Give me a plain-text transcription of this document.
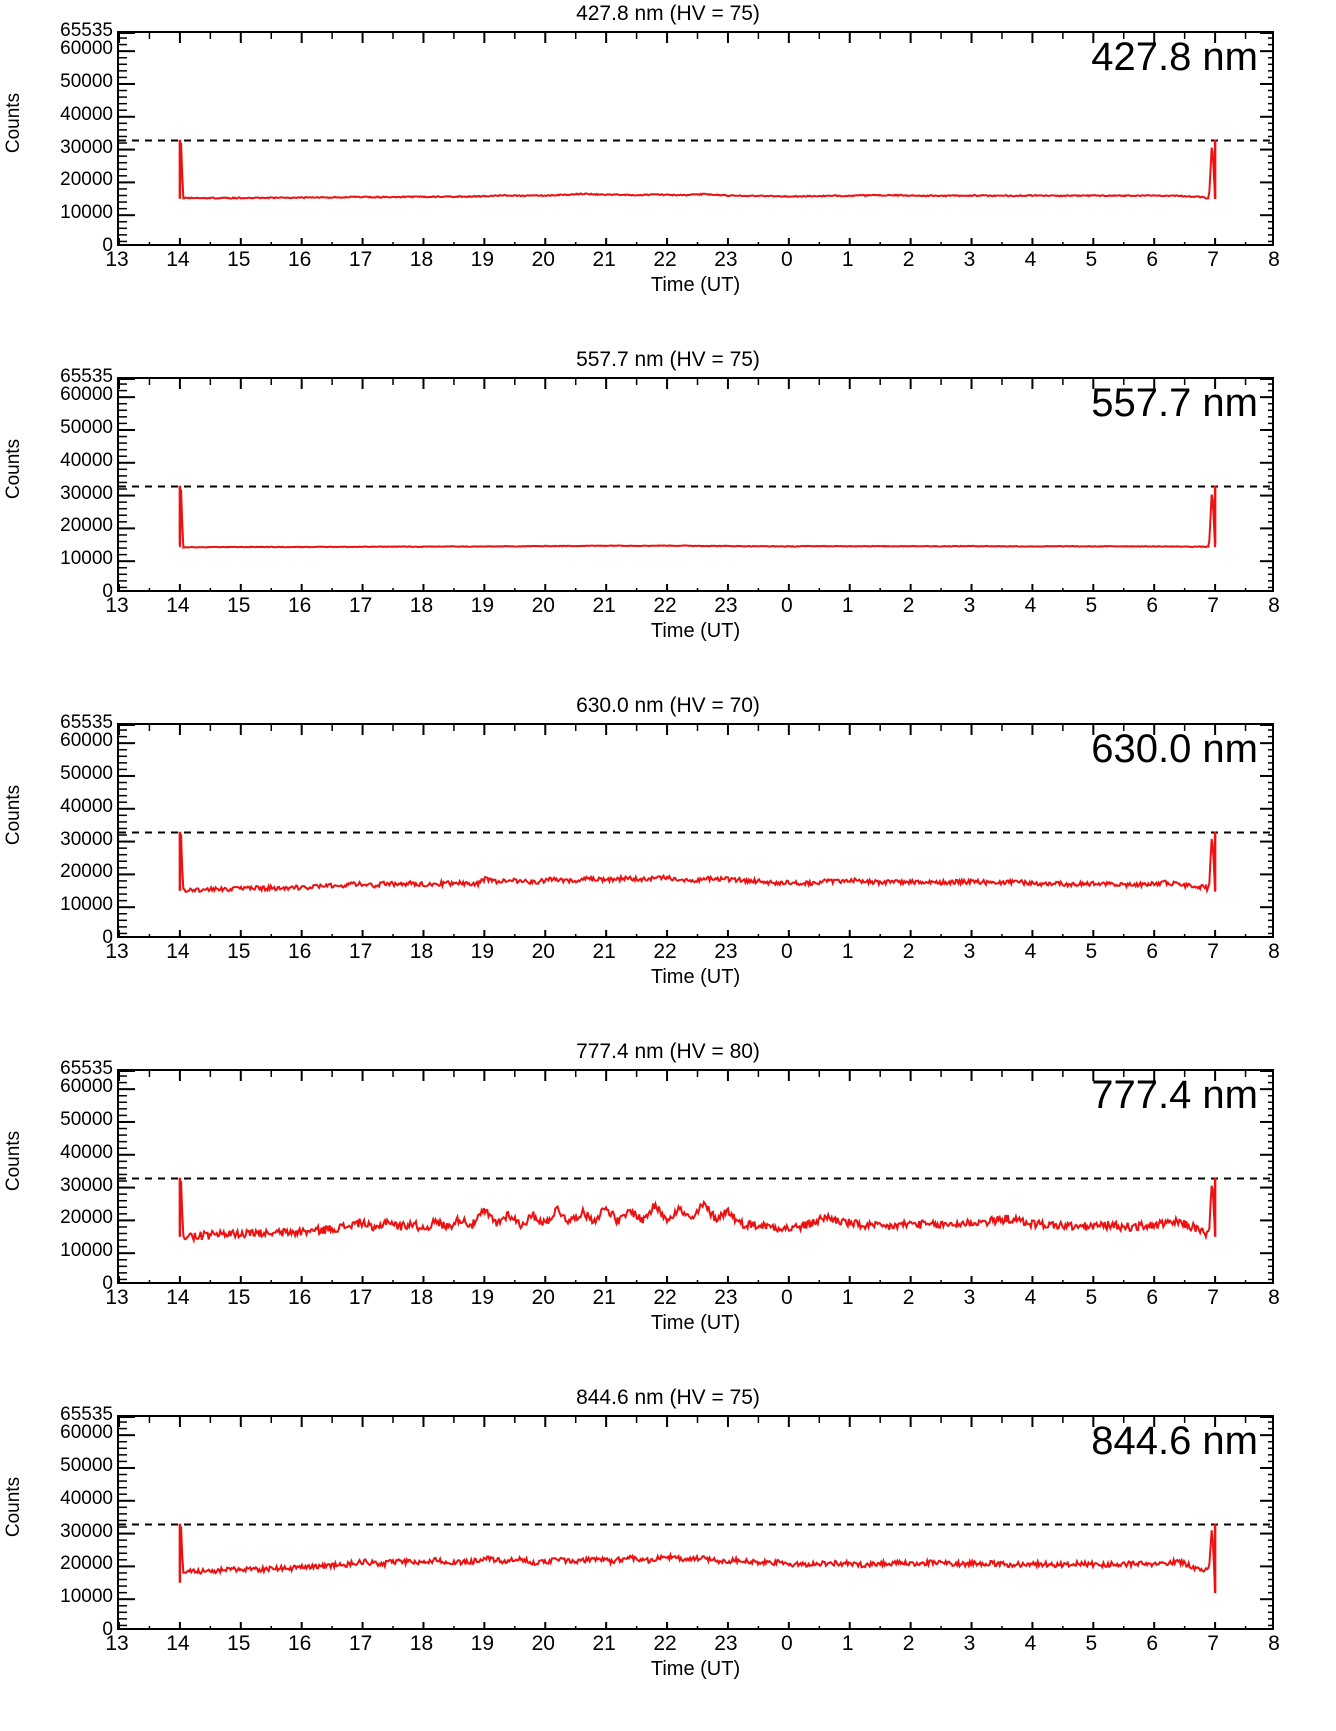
427.8 nm (HV = 75)
0
10000
20000
30000
40000
50000
60000
65535
Counts
13	14	15	16	17	18	19	20	21	22	23	0	1	2	3	4	5	6	7	8
Time (UT)
427.8 nm
557.7 nm (HV = 75)
0
10000
20000
30000
40000
50000
60000
65535
Counts
13	14	15	16	17	18	19	20	21	22	23	0	1	2	3	4	5	6	7	8
Time (UT)
557.7 nm
630.0 nm (HV = 70)
0
10000
20000
30000
40000
50000
60000
65535
Counts
13	14	15	16	17	18	19	20	21	22	23	0	1	2	3	4	5	6	7	8
Time (UT)
630.0 nm
777.4 nm (HV = 80)
0
10000
20000
30000
40000
50000
60000
65535
Counts
13	14	15	16	17	18	19	20	21	22	23	0	1	2	3	4	5	6	7	8
Time (UT)
777.4 nm
844.6 nm (HV = 75)
0
10000
20000
30000
40000
50000
60000
65535
Counts
13	14	15	16	17	18	19	20	21	22	23	0	1	2	3	4	5	6	7	8
Time (UT)
844.6 nm
